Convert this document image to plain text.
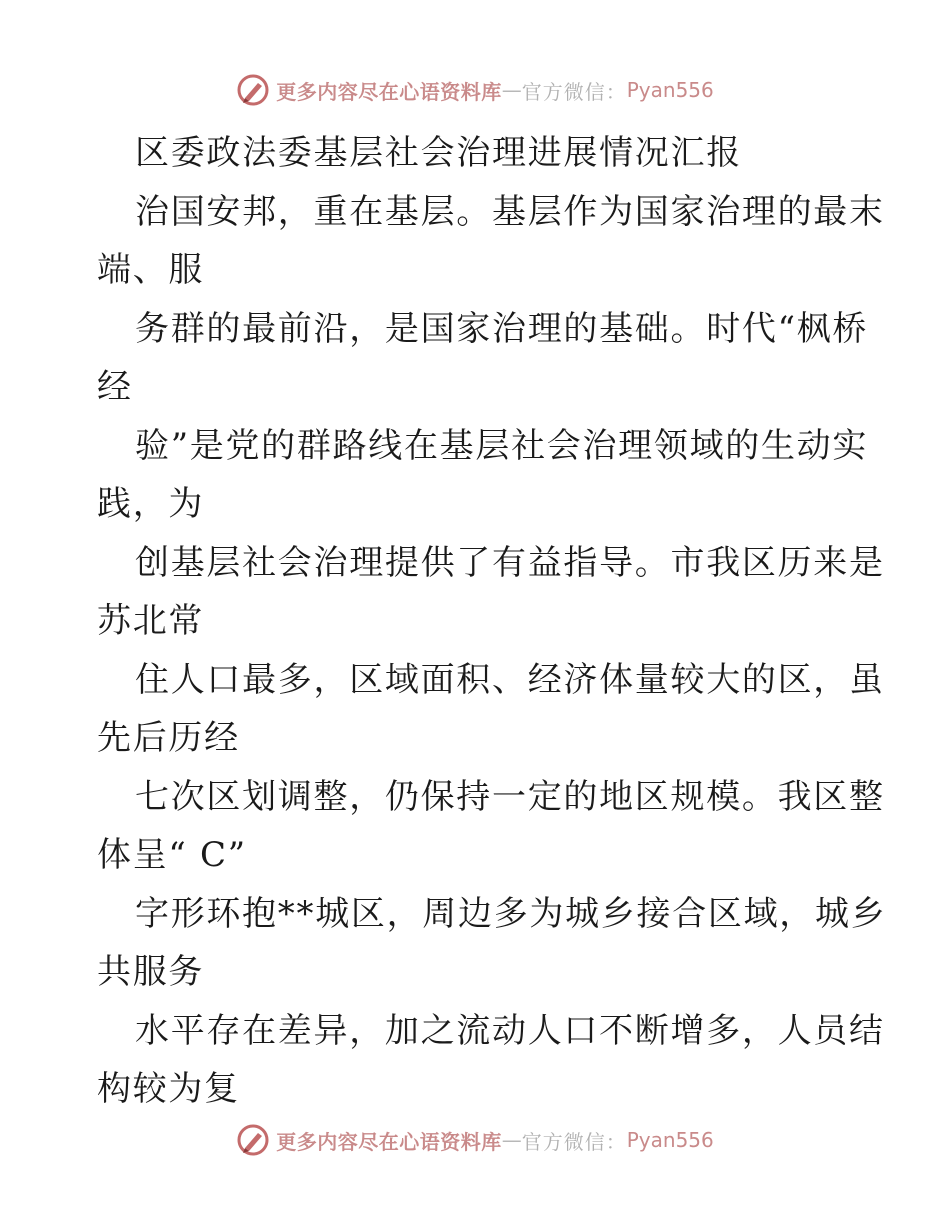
更多内容尽在心语资料库 — 官方微信： Pyan556
区委政法委基层社会治理进展情况汇报
治国安邦，重在基层。基层作为国家治理的最末
端、服
务群的最前沿，是国家治理的基础。时代“枫桥
经
验”是党的群路线在基层社会治理领域的生动实
践，为
创基层社会治理提供了有益指导。市我区历来是
苏北常
住人口最多，区域面积、经济体量较大的区，虽
先后历经
七次区划调整，仍保持一定的地区规模。我区整
体呈“ C”
字形环抱**城区，周边多为城乡接合区域，城乡
共服务
水平存在差异，加之流动人口不断增多，人员结
构较为复
更多内容尽在心语资料库 — 官方微信： Pyan556
